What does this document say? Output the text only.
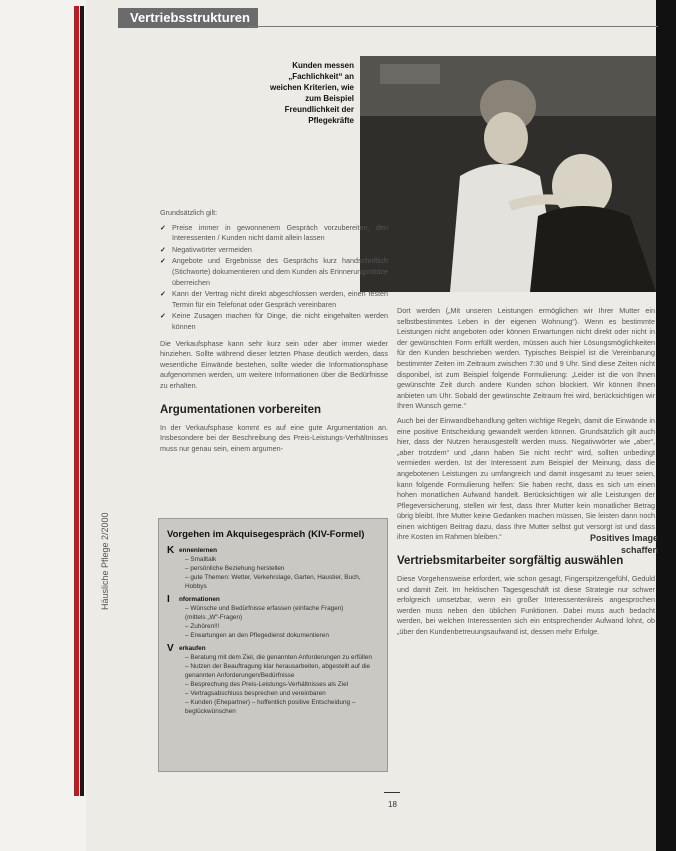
Vertriebsstrukturen
Kunden messen „Fachlichkeit“ an weichen Kriterien, wie zum Beispiel Freundlichkeit der Pflegekräfte

Grundsätzlich gilt:

✓ Preise immer in gewonnenem Gespräch vorzubereiten, den Interessenten / Kunden nicht damit allein lassen
✓ Negativwörter vermeiden
✓ Angebote und Ergebnisse des Gesprächs kurz handschriftlich (Stichworte) dokumentieren und dem Kunden als Erinnerungsstütze überreichen
✓ Kann der Vertrag nicht direkt abgeschlossen werden, einen festen Termin für ein Telefonat oder Gespräch vereinbaren
✓ Keine Zusagen machen für Dinge, die nicht eingehalten werden können

Die Verkaufsphase kann sehr kurz sein oder aber immer wieder hinziehen. Sollte während dieser letzten Phase deutlich werden, dass wesentliche Einwände bestehen, sollte wieder die Informationsphase aufgenommen werden, um weitere Informationen über die Bedürfnisse zu erhalten.

Argumentationen vorbereiten

In der Verkaufsphase kommt es auf eine gute Argumentation an. Insbesondere bei der Beschreibung des Preis-Leistungs-Verhältnisses muss nur genau sein, einem argumen-

Vorgehen im Akquisegespräch (KIV-Formel)
K ennenlernen
– Smalltalk
– persönliche Beziehung herstellen
– gute Themen: Wetter, Verkehrslage, Garten, Haustier, Buch, Hobbys
I	nformationen
– Wünsche und Bedürfnisse erfassen (einfache Fragen)
(mittels „W“-Fragen)
– Zuhören!!!
– Erwartungen an den Pflegedienst dokumentieren
V erkaufen
– Beratung mit dem Ziel, die genannten Anforderungen zu erfüllen
– Nutzen der Beauftragung klar herausarbeiten, abgestellt auf die genannten Anforderungen/Bedürfnisse
– Besprechung des Preis-Leistungs-Verhältnisses als Ziel
– Vertragsabschluss besprechen und vereinbaren
– Kunden (Ehepartner) – hoffentlich positive Entscheidung – beglückwünschen

Dort werden („Mit unseren Leistungen ermöglichen wir Ihrer Mutter ein selbstbestimmtes Leben in der eigenen Wohnung“). Wenn es bestimmte Leistungen nicht angeboten oder können Erwartungen nicht direkt oder nicht in der gewünschten Form erfüllt werden, müssen auch hier Lösungsmöglichkeiten für den Kunden beschrieben werden. Typisches Beispiel ist die Vereinbarung bestimmter Zeiten im Zeitraum zwischen 7:30 und 9 Uhr. Sind diese Zeiten nicht disponibel, ist zum Beispiel folgende Formulierung: „Leider ist die von Ihnen gewünschte Zeit durch andere Kunden schon blockiert. Wir können Ihnen anbieten um Uhr. Sobald der gewünschte Zeitraum frei wird, berücksichtigen wir Ihren Wunsch gerne.“

Auch bei der Einwandbehandlung gelten wichtige Regeln, damit die Einwände in eine positive Entscheidung gewandelt werden können. Grundsätzlich gilt auch hier, dass der Nutzen herausgestellt werden muss. Negativwörter wie „aber“, „aber trotzdem“ und „dann haben Sie nicht recht“ wird, sollten unbedingt vermieden werden. Ist der Interessent zum Beispiel der Meinung, dass die angebotenen Leistungen zu umfangreich und damit insgesamt zu teuer seien, kann folgende Formulierung helfen: Sie haben recht, dass es sich um einen hohen monatlichen Aufwand handelt. Berücksichtigen wir alle Leistungen der Pflegeversicherung, stellen wir fest, dass Ihrer Mutter kein monatlicher Betrag übrig bleibt. Ihre Mutter keine Gedanken machen müssen, Sie leisten dann noch einen wichtigen Beitrag dazu, dass Ihre Mutter selbst gut versorgt ist und dass ihre Kosten im Rahmen bleiben.“

Vertriebsmitarbeiter sorgfältig auswählen

Diese Vorgehensweise erfordert, wie schon gesagt, Fingerspitzengefühl, Geduld und damit Zeit. Im hektischen Tagesgeschäft ist diese Strategie nur schwer erfolgreich umsetzbar, wenn ein großer Interessentenkreis angesprochen werden muss neben den üblichen Funktionen. Dabei muss auch bedacht werden, bei welchen Interessenten sich ein entsprechender Aufwand lohnt, ob „über den Kundenbetreuungsaufwand ist, dessen mehr Erfolge.

Positives Image schaffen
Häusliche Pflege 2/2000
18
